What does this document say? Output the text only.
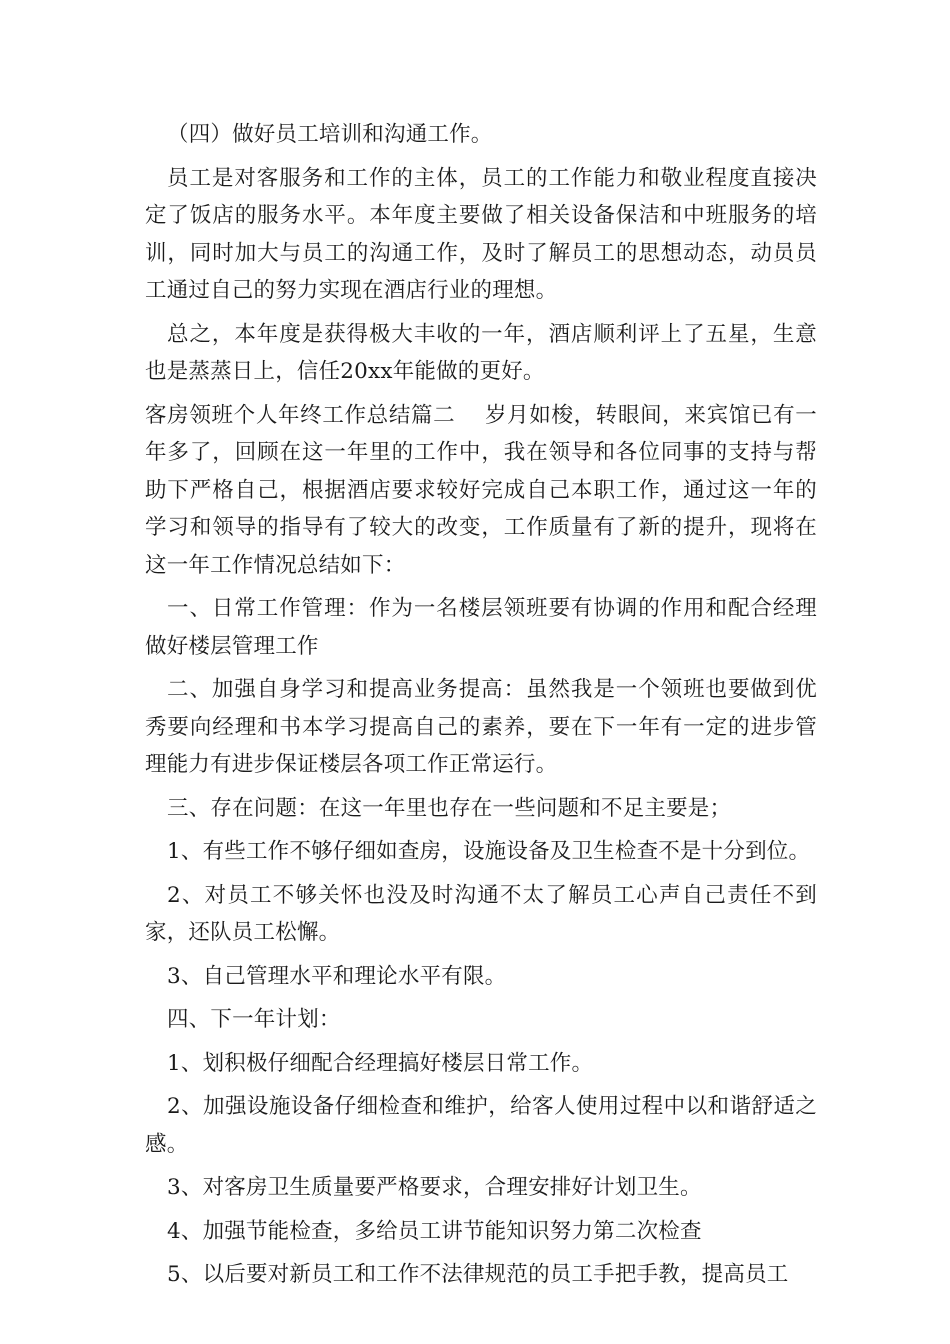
（四）做好员工培训和沟通工作。

员工是对客服务和工作的主体，员工的工作能力和敬业程度直接决定了饭店的服务水平。本年度主要做了相关设备保洁和中班服务的培训，同时加大与员工的沟通工作，及时了解员工的思想动态，动员员工通过自己的努力实现在酒店行业的理想。

总之，本年度是获得极大丰收的一年，酒店顺利评上了五星，生意也是蒸蒸日上，信任20xx年能做的更好。

客房领班个人年终工作总结篇二　 岁月如梭，转眼间，来宾馆已有一年多了，回顾在这一年里的工作中，我在领导和各位同事的支持与帮助下严格自己，根据酒店要求较好完成自己本职工作，通过这一年的学习和领导的指导有了较大的改变，工作质量有了新的提升，现将在这一年工作情况总结如下：

一、日常工作管理：作为一名楼层领班要有协调的作用和配合经理做好楼层管理工作

二、加强自身学习和提高业务提高：虽然我是一个领班也要做到优秀要向经理和书本学习提高自己的素养，要在下一年有一定的进步管理能力有进步保证楼层各项工作正常运行。

三、存在问题：在这一年里也存在一些问题和不足主要是；

1、有些工作不够仔细如查房，设施设备及卫生检查不是十分到位。

2、对员工不够关怀也没及时沟通不太了解员工心声自己责任不到家，还队员工松懈。

3、自己管理水平和理论水平有限。

四、下一年计划：

1、划积极仔细配合经理搞好楼层日常工作。

2、加强设施设备仔细检查和维护，给客人使用过程中以和谐舒适之感。

3、对客房卫生质量要严格要求，合理安排好计划卫生。

4、加强节能检查，多给员工讲节能知识努力第二次检查

5、以后要对新员工和工作不法律规范的员工手把手教，提高员工
